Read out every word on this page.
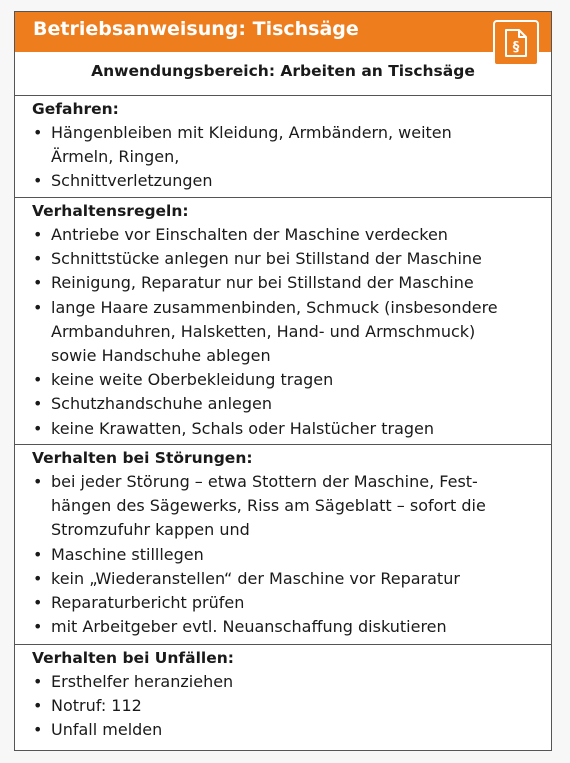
Betriebsanweisung: Tischsäge
§
Anwendungsbereich: Arbeiten an Tischsäge
Gefahren:
• Hängenbleiben mit Kleidung, Armbändern, weiten
Ärmeln, Ringen,
• Schnittverletzungen
Verhaltensregeln:
• Antriebe vor Einschalten der Maschine verdecken
• Schnittstücke anlegen nur bei Stillstand der Maschine
• Reinigung, Reparatur nur bei Stillstand der Maschine
• lange Haare zusammenbinden, Schmuck (insbesondere
Armbanduhren, Halsketten, Hand- und Armschmuck)
sowie Handschuhe ablegen
• keine weite Oberbekleidung tragen
• Schutzhandschuhe anlegen
• keine Krawatten, Schals oder Halstücher tragen
Verhalten bei Störungen:
• bei jeder Störung – etwa Stottern der Maschine, Fest-
hängen des Sägewerks, Riss am Sägeblatt – sofort die
Stromzufuhr kappen und
• Maschine stilllegen
• kein „Wiederanstellen“ der Maschine vor Reparatur
• Reparaturbericht prüfen
• mit Arbeitgeber evtl. Neuanschaffung diskutieren
Verhalten bei Unfällen:
• Ersthelfer heranziehen
• Notruf: 112
• Unfall melden
